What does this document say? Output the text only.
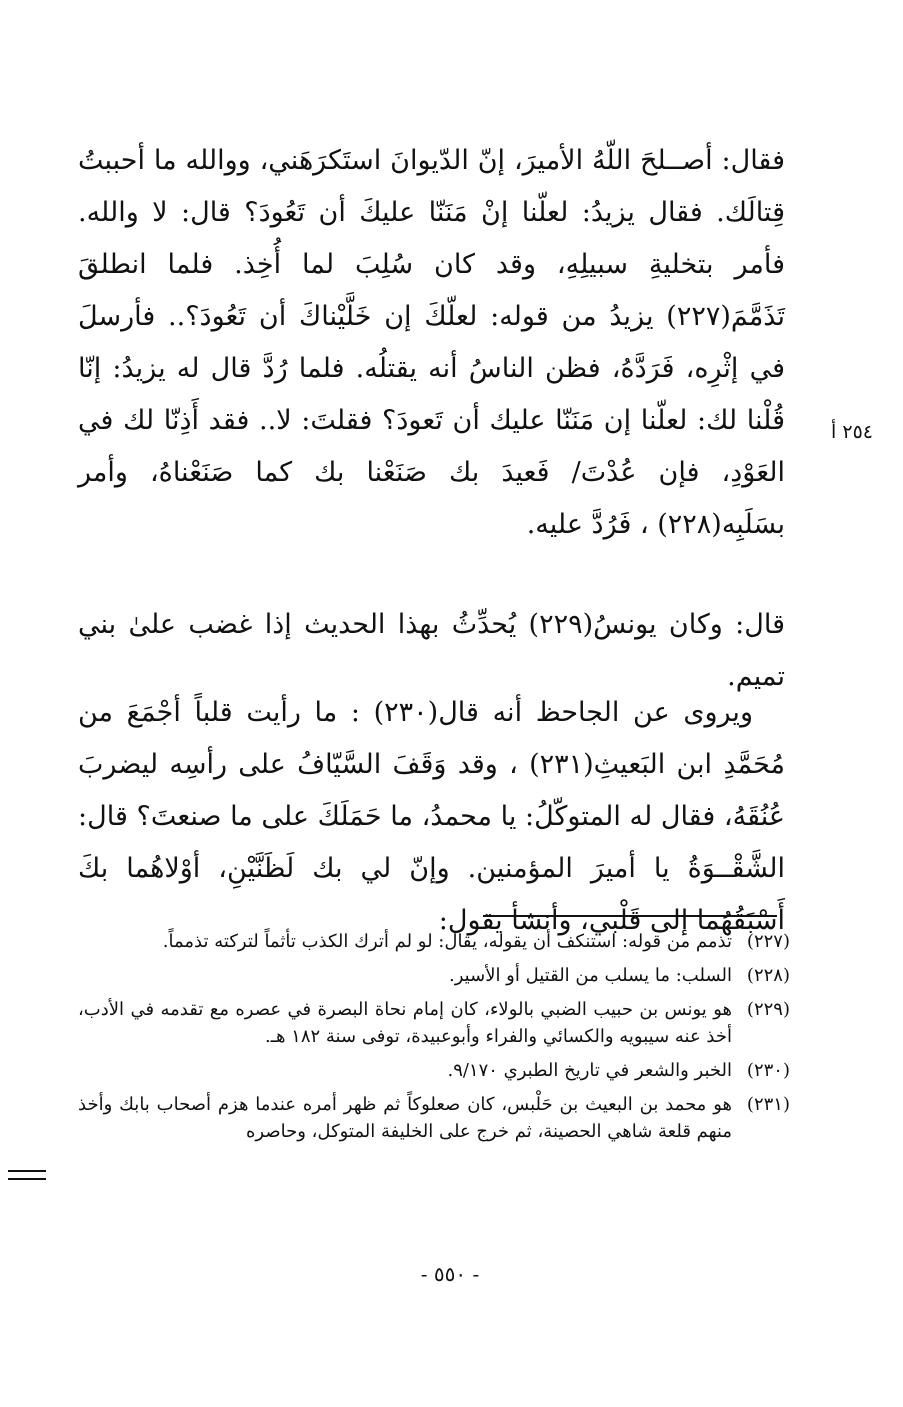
فقال: أصــلحَ اللّهُ الأميرَ، إنّ الدّيوانَ استَكرَهَني، ووالله ما أحببتُ قِتالَك. فقال يزيدُ: لعلّنا إنْ مَنَنّا عليكَ أن تَعُودَ؟ قال: لا والله. فأمر بتخليةِ سبيلِهِ، وقد كان سُلِبَ لما أُخِذ. فلما انطلقَ تَذَمَّمَ(٢٢٧) يزيدُ من قوله: لعلّكَ إن خَلَّيْناكَ أن تَعُودَ؟.. فأرسلَ في إثْرِه، فَرَدَّهُ، فظن الناسُ أنه يقتلُه. فلما رُدَّ قال له يزيدُ: إنّا قُلْنا لك: لعلّنا إن مَنَنّا عليك أن تَعودَ؟ فقلتَ: لا.. فقد أَذِنّا لك في العَوْدِ، فإن عُدْتَ/ فَعيدَ بك صَنَعْنا بك كما صَنَعْناهُ، وأمر بسَلَبِه(٢٢٨) ، فَرُدَّ عليه.

قال: وكان يونسُ(٢٢٩) يُحدِّثُ بهذا الحديث إذا غضب علىٰ بني تميم.

ويروى عن الجاحظ أنه قال(٢٣٠) : ما رأيت قلباً أجْمَعَ من مُحَمَّدِ ابن البَعيثِ(٢٣١) ، وقد وَقَفَ السَّيّافُ على رأسِه ليضربَ عُنُقَهُ، فقال له المتوكّلُ: يا محمدُ، ما حَمَلَكَ على ما صنعتَ؟ قال: الشَّقْــوَةُ يا أميرَ المؤمنين. وإنّ لي بك لَظَنَّيْنِ، أوْلاهُما بكَ أَسْبَقُهُما إلى قَلْبي، وأنشأ يقول:

٢٥٤ أ
(٢٢٧)
تذمم من قوله: استنكف أن يقوله، يقال: لو لم أترك الكذب تأثماً لتركته تذمماً.
(٢٢٨)
السلب: ما يسلب من القتيل أو الأسير.
(٢٢٩)
هو يونس بن حبيب الضبي بالولاء، كان إمام نحاة البصرة في عصره مع تقدمه في الأدب، أخذ عنه سيبويه والكسائي والفراء وأبوعبيدة، توفى سنة ١٨٢ هـ.
(٢٣٠)
الخبر والشعر في تاريخ الطبري ٩/١٧٠.
(٢٣١)
هو محمد بن البعيث بن حَلْبس، كان صعلوكاً ثم ظهر أمره عندما هزم أصحاب بابك وأخذ منهم قلعة شاهي الحصينة، ثم خرج على الخليفة المتوكل، وحاصره
- ٥٥٠ -
